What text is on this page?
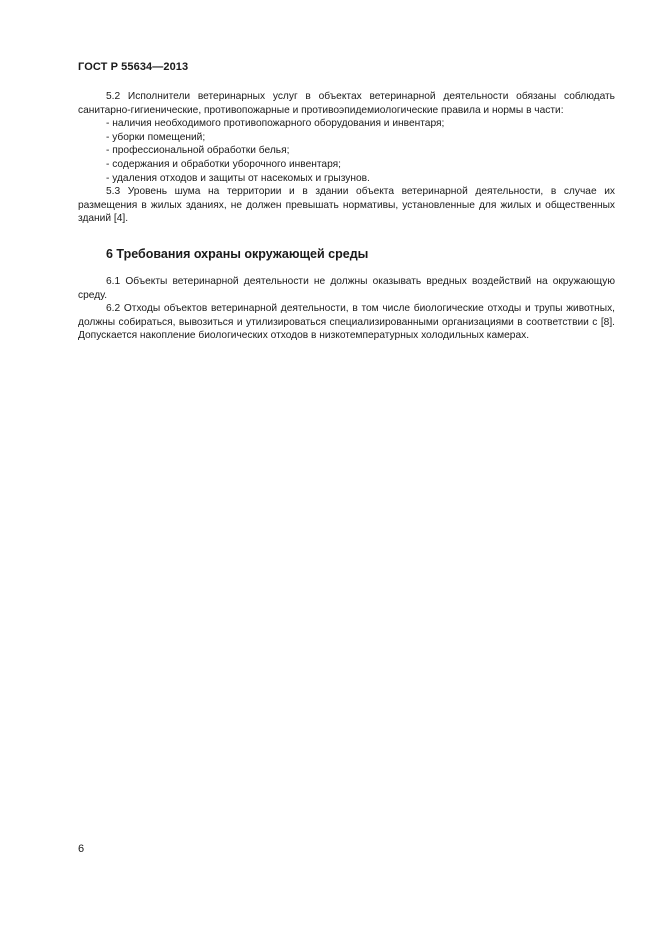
ГОСТ Р 55634—2013

5.2 Исполнители ветеринарных услуг в объектах ветеринарной деятельности обязаны соблюдать санитарно-гигиенические, противопожарные и противоэпидемиологические правила и нормы в части:

- наличия необходимого противопожарного оборудования и инвентаря;

- уборки помещений;

- профессиональной обработки белья;

- содержания и обработки уборочного инвентаря;

- удаления отходов и защиты от насекомых и грызунов.

5.3 Уровень шума на территории и в здании объекта ветеринарной деятельности, в случае их размещения в жилых зданиях, не должен превышать нормативы, установленные для жилых и общественных зданий [4].

6 Требования охраны окружающей среды

6.1 Объекты ветеринарной деятельности не должны оказывать вредных воздействий на окружающую среду.

6.2 Отходы объектов ветеринарной деятельности, в том числе биологические отходы и трупы животных, должны собираться, вывозиться и утилизироваться специализированными организациями в соответствии с [8]. Допускается накопление биологических отходов в низкотемпературных холодильных камерах.

6
